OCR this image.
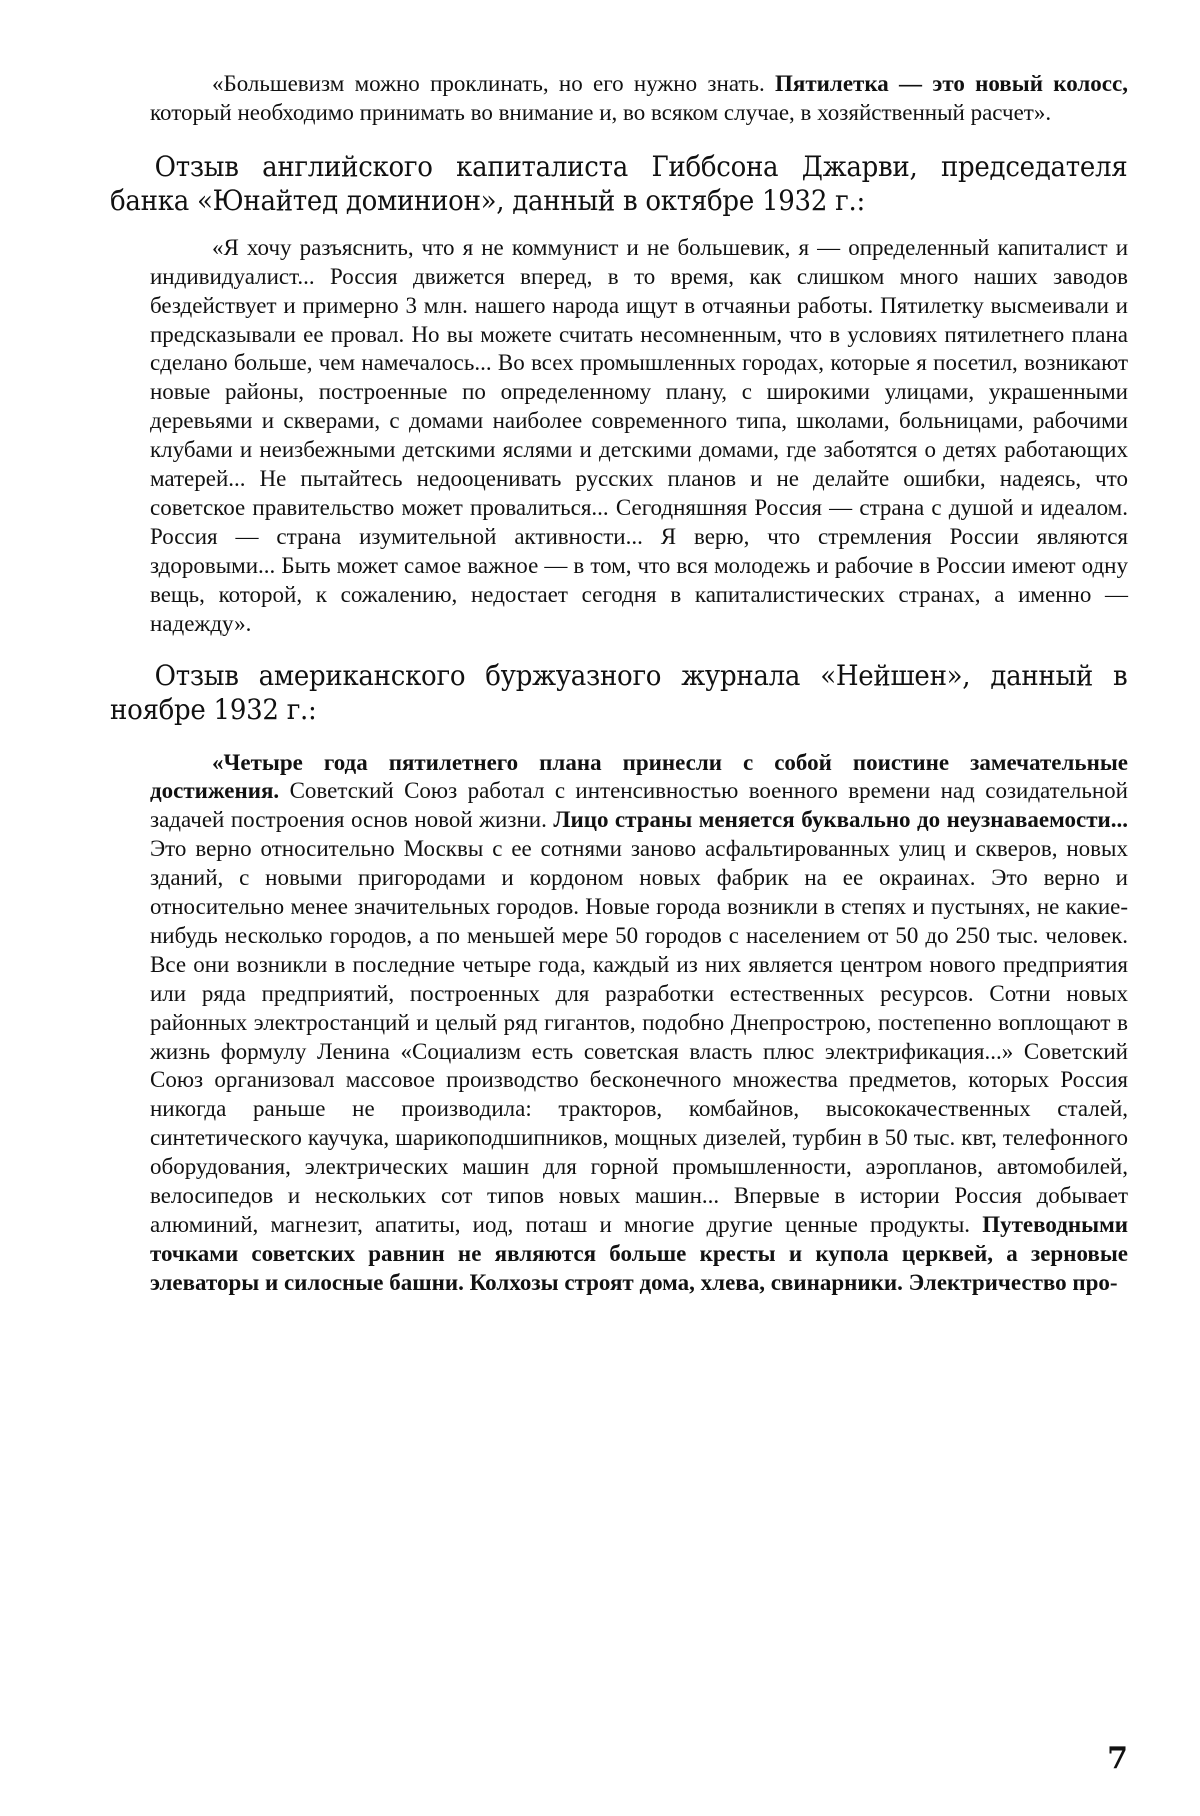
«Большевизм можно проклинать, но его нужно знать. Пятилетка — это новый колосс, который необходимо принимать во внимание и, во всяком случае, в хозяйственный расчет».

Отзыв английского капиталиста Гиббсона Джарви, председателя банка «Юнайтед доминион», данный в октябре 1932 г.:

«Я хочу разъяснить, что я не коммунист и не большевик, я — определенный капиталист и индивидуалист... Россия движется вперед, в то время, как слишком много наших заводов бездействует и примерно 3 млн. нашего народа ищут в отчаяньи работы. Пятилетку высмеивали и предсказывали ее провал. Но вы можете считать несомненным, что в условиях пятилетнего плана сделано больше, чем намечалось... Во всех промышленных городах, которые я посетил, возникают новые районы, построенные по определенному плану, с широкими улицами, украшенными деревьями и скверами, с домами наиболее современного типа, школами, больницами, рабочими клубами и неизбежными детскими яслями и детскими домами, где заботятся о детях работающих матерей... Не пытайтесь недооценивать русских планов и не делайте ошибки, надеясь, что советское правительство может провалиться... Сегодняшняя Россия — страна с душой и идеалом. Россия — страна изумительной активности... Я верю, что стремления России являются здоровыми... Быть может самое важное — в том, что вся молодежь и рабочие в России имеют одну вещь, которой, к сожалению, недостает сегодня в капиталистических странах, а именно — надежду».

Отзыв американского буржуазного журнала «Нейшен», данный в ноябре 1932 г.:

«Четыре года пятилетнего плана принесли с собой поистине замечательные достижения. Советский Союз работал с интенсивностью военного времени над созидательной задачей построения основ новой жизни. Лицо страны меняется буквально до неузнаваемости... Это верно относительно Москвы с ее сотнями заново асфальтированных улиц и скверов, новых зданий, с новыми пригородами и кордоном новых фабрик на ее окраинах. Это верно и относительно менее значительных городов. Новые города возникли в степях и пустынях, не какие-нибудь несколько городов, а по меньшей мере 50 городов с населением от 50 до 250 тыс. человек. Все они возникли в последние четыре года, каждый из них является центром нового предприятия или ряда предприятий, построенных для разработки естественных ресурсов. Сотни новых районных электростанций и целый ряд гигантов, подобно Днепрострою, постепенно воплощают в жизнь формулу Ленина «Социализм есть советская власть плюс электрификация...» Советский Союз организовал массовое производство бесконечного множества предметов, которых Россия никогда раньше не производила: тракторов, комбайнов, высококачественных сталей, синтетического каучука, шарикоподшипников, мощных дизелей, турбин в 50 тыс. квт, телефонного оборудования, электрических машин для горной промышленности, аэропланов, автомобилей, велосипедов и нескольких сот типов новых машин... Впервые в истории Россия добывает алюминий, магнезит, апатиты, иод, поташ и многие другие ценные продукты. Путеводными точками советских равнин не являются больше кресты и купола церквей, а зерновые элеваторы и силосные башни. Колхозы строят дома, хлева, свинарники. Электричество про-

7
